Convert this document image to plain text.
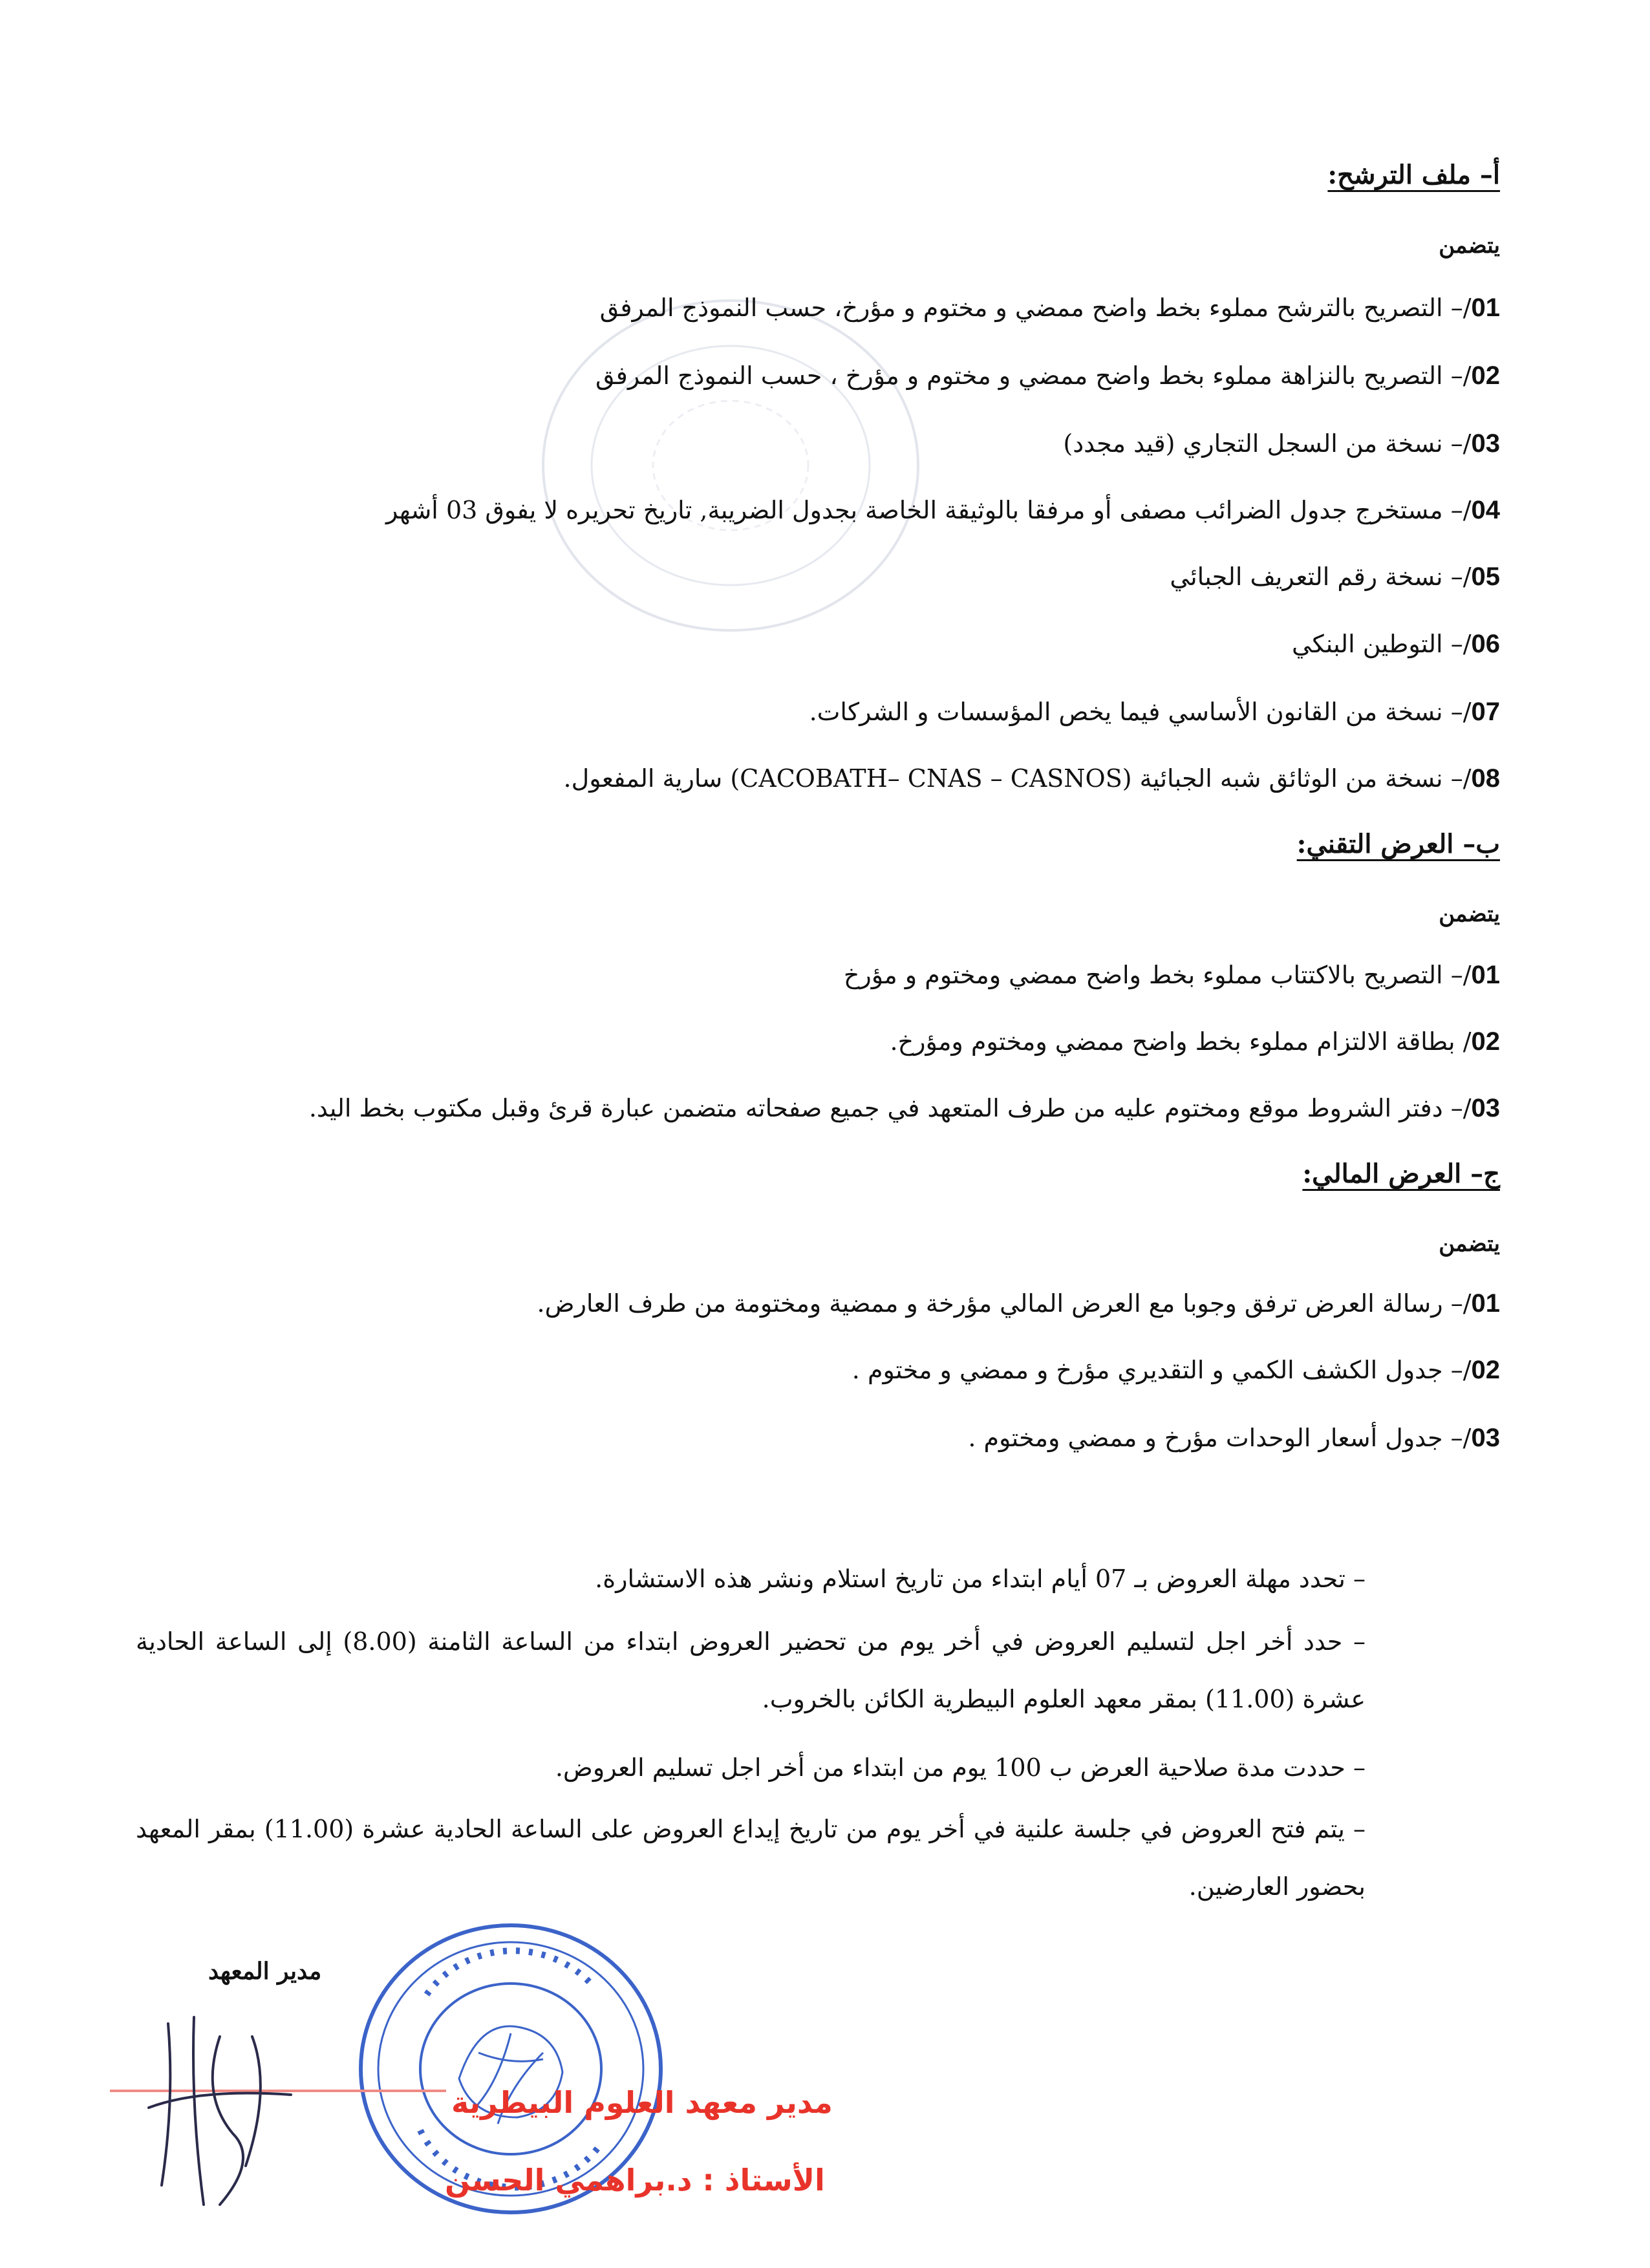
أ– ملف الترشح:
يتضمن
01/– التصريح بالترشح مملوء بخط واضح ممضي و مختوم و مؤرخ، حسب النموذج المرفق
02/– التصريح بالنزاهة مملوء بخط واضح ممضي و مختوم و مؤرخ ، حسب النموذج المرفق
03/– نسخة من السجل التجاري (قيد مجدد)
04/– مستخرج جدول الضرائب مصفى أو مرفقا بالوثيقة الخاصة بجدول الضريبة, تاريخ تحريره لا يفوق 03 أشهر
05/– نسخة رقم التعريف الجبائي
06/– التوطين البنكي
07/– نسخة من القانون الأساسي فيما يخص المؤسسات و الشركات.
08/– نسخة من الوثائق شبه الجبائية (CACOBATH– CNAS – CASNOS) سارية المفعول.
ب– العرض التقني:
يتضمن
01/– التصريح بالاكتتاب مملوء بخط واضح ممضي ومختوم و مؤرخ
02/ بطاقة الالتزام مملوء بخط واضح ممضي ومختوم ومؤرخ.
03/– دفتر الشروط موقع ومختوم عليه من طرف المتعهد في جميع صفحاته متضمن عبارة قرئ وقبل مكتوب بخط اليد.
ج– العرض المالي:
يتضمن
01/– رسالة العرض ترفق وجوبا مع العرض المالي مؤرخة و ممضية ومختومة من طرف العارض.
02/– جدول الكشف الكمي و التقديري مؤرخ و ممضي و مختوم .
03/– جدول أسعار الوحدات مؤرخ و ممضي ومختوم .
– تحدد مهلة العروض بـ 07 أيام ابتداء من تاريخ استلام ونشر هذه الاستشارة.
– حدد أخر اجل لتسليم العروض في أخر يوم من تحضير العروض ابتداء من الساعة الثامنة (8.00) إلى الساعة الحادية عشرة (11.00) بمقر معهد العلوم البيطرية الكائن بالخروب.
– حددت مدة صلاحية العرض ب 100 يوم من ابتداء من أخر اجل تسليم العروض.
– يتم فتح العروض في جلسة علنية في أخر يوم من تاريخ إيداع العروض على الساعة الحادية عشرة (11.00) بمقر المعهد بحضور العارضين.
مدير المعهد
مدير معهد العلوم البيطرية
الأستاذ : د.براهمي الحسن
